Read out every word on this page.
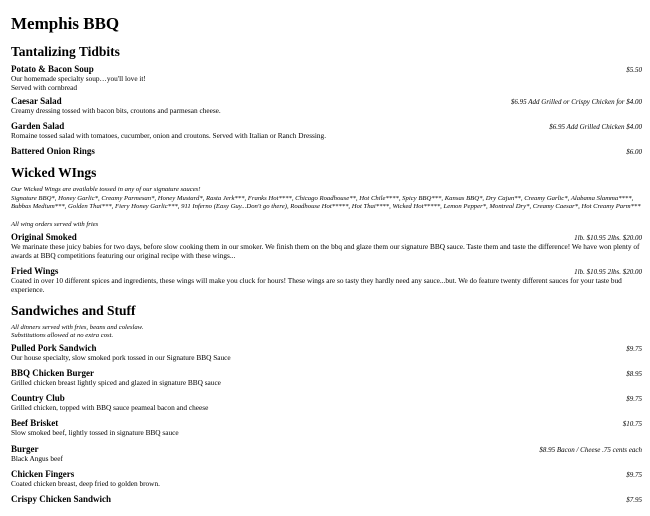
Memphis BBQ
Tantalizing Tidbits
Potato & Bacon Soup	$5.50
Our homemade specialty soup…you'll love it!
Served with cornbread
Caesar Salad	$6.95 Add Grilled or Crispy Chicken for $4.00
Creamy dressing tossed with bacon bits, croutons and parmesan cheese.
Garden Salad	$6.95 Add Grilled Chicken $4.00
Romaine tossed salad with tomatoes, cucumber, onion and croutons. Served with Italian or Ranch Dressing.
Battered Onion Rings	$6.00
Wicked WIngs
Our Wicked Wings are available tossed in any of our signature sauces!
Signature BBQ*, Honey Garlic*, Creamy Parmesan*, Honey Mustard*, Rasta Jerk***, Franks Hot****, Chicago Roadhouse**, Hot Chile****, Spicy BBQ***, Kansas BBQ*, Dry Cajun**, Creamy Garlic*, Alabama Slamma****, Bubbas Medium***, Golden Thai***, Fiery Honey Garlic***, 911 Inferno (Easy Guy...Don't go there), Roadhouse Hot*****, Hot Thai****, Wicked Hot*****, Lemon Pepper*, Montreal Dry*, Creamy Caesar*, Hot Creamy Parm***
All wing orders served with fries
Original Smoked	1lb. $10.95 2lbs. $20.00
We marinate these juicy babies for two days, before slow cooking them in our smoker. We finish them on the bbq and glaze them our signature BBQ sauce. Taste them and taste the difference! We have won plenty of awards at BBQ competitions featuring our original recipe with these wings...
Fried Wings	1lb. $10.95 2lbs. $20.00
Coated in over 10 different spices and ingredients, these wings will make you cluck for hours! These wings are so tasty they hardly need any sauce...but. We do feature twenty different sauces for your taste bud experience.
Sandwiches and Stuff
All dinners served with fries, beans and coleslaw.
Substitutions allowed at no extra cost.
Pulled Pork Sandwich	$9.75
Our house specialty, slow smoked pork tossed in our Signature BBQ Sauce
BBQ Chicken Burger	$8.95
Grilled chicken breast lightly spiced and glazed in signature BBQ sauce
Country Club	$9.75
Grilled chicken, topped with BBQ sauce peameal bacon and cheese
Beef Brisket	$10.75
Slow smoked beef, lightly tossed in signature BBQ sauce
Burger	$8.95 Bacon / Cheese .75 cents each
Black Angus beef
Chicken Fingers	$9.75
Coated chicken breast, deep fried to golden brown.
Crispy Chicken Sandwich	$7.95
